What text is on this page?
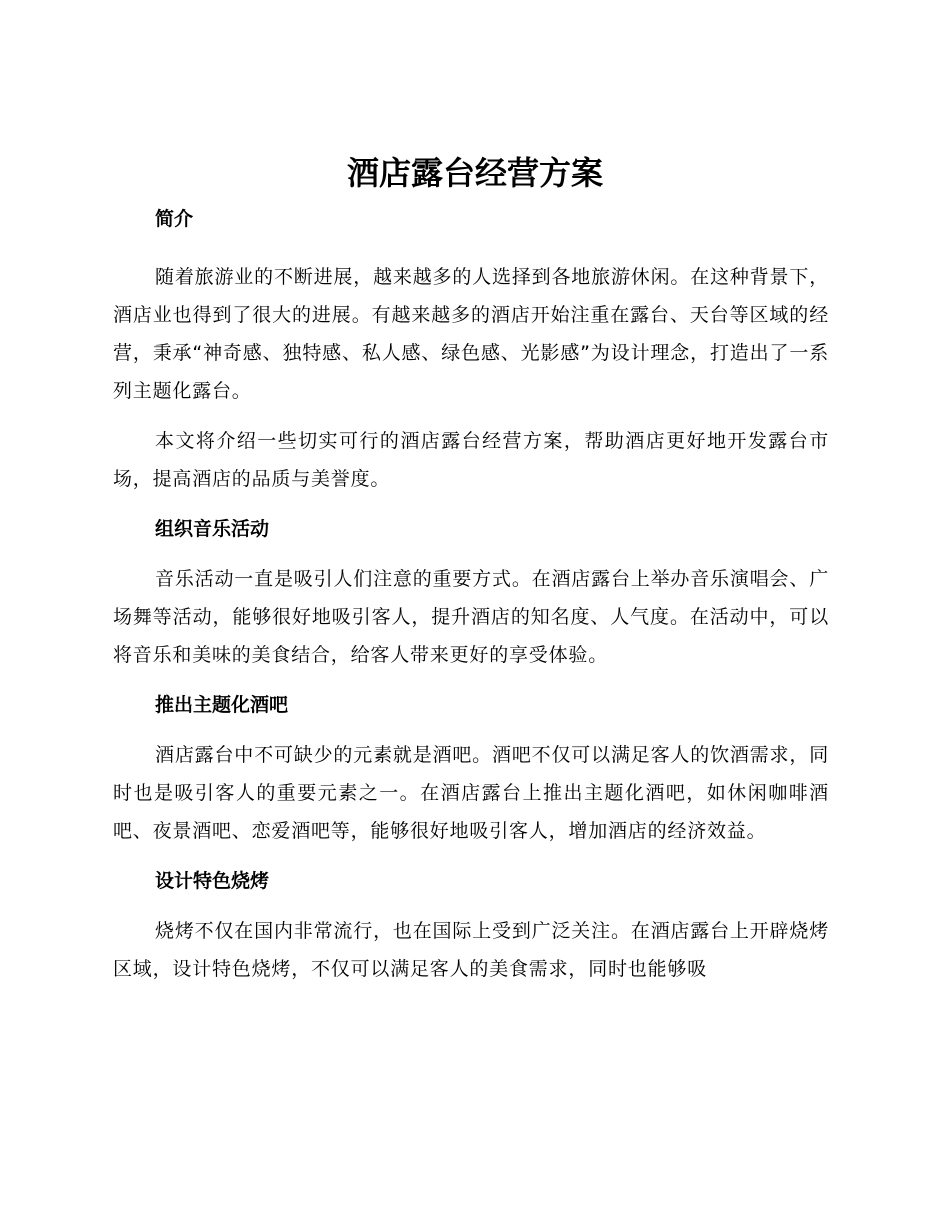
酒店露台经营方案
简介

随着旅游业的不断进展，越来越多的人选择到各地旅游休闲。在这种背景下，酒店业也得到了很大的进展。有越来越多的酒店开始注重在露台、天台等区域的经营，秉承“神奇感、独特感、私人感、绿色感、光影感”为设计理念，打造出了一系列主题化露台。

本文将介绍一些切实可行的酒店露台经营方案，帮助酒店更好地开发露台市场，提高酒店的品质与美誉度。

组织音乐活动

音乐活动一直是吸引人们注意的重要方式。在酒店露台上举办音乐演唱会、广场舞等活动，能够很好地吸引客人，提升酒店的知名度、人气度。在活动中，可以将音乐和美味的美食结合，给客人带来更好的享受体验。

推出主题化酒吧

酒店露台中不可缺少的元素就是酒吧。酒吧不仅可以满足客人的饮酒需求，同时也是吸引客人的重要元素之一。在酒店露台上推出主题化酒吧，如休闲咖啡酒吧、夜景酒吧、恋爱酒吧等，能够很好地吸引客人，增加酒店的经济效益。

设计特色烧烤

烧烤不仅在国内非常流行，也在国际上受到广泛关注。在酒店露台上开辟烧烤区域，设计特色烧烤，不仅可以满足客人的美食需求，同时也能够吸
